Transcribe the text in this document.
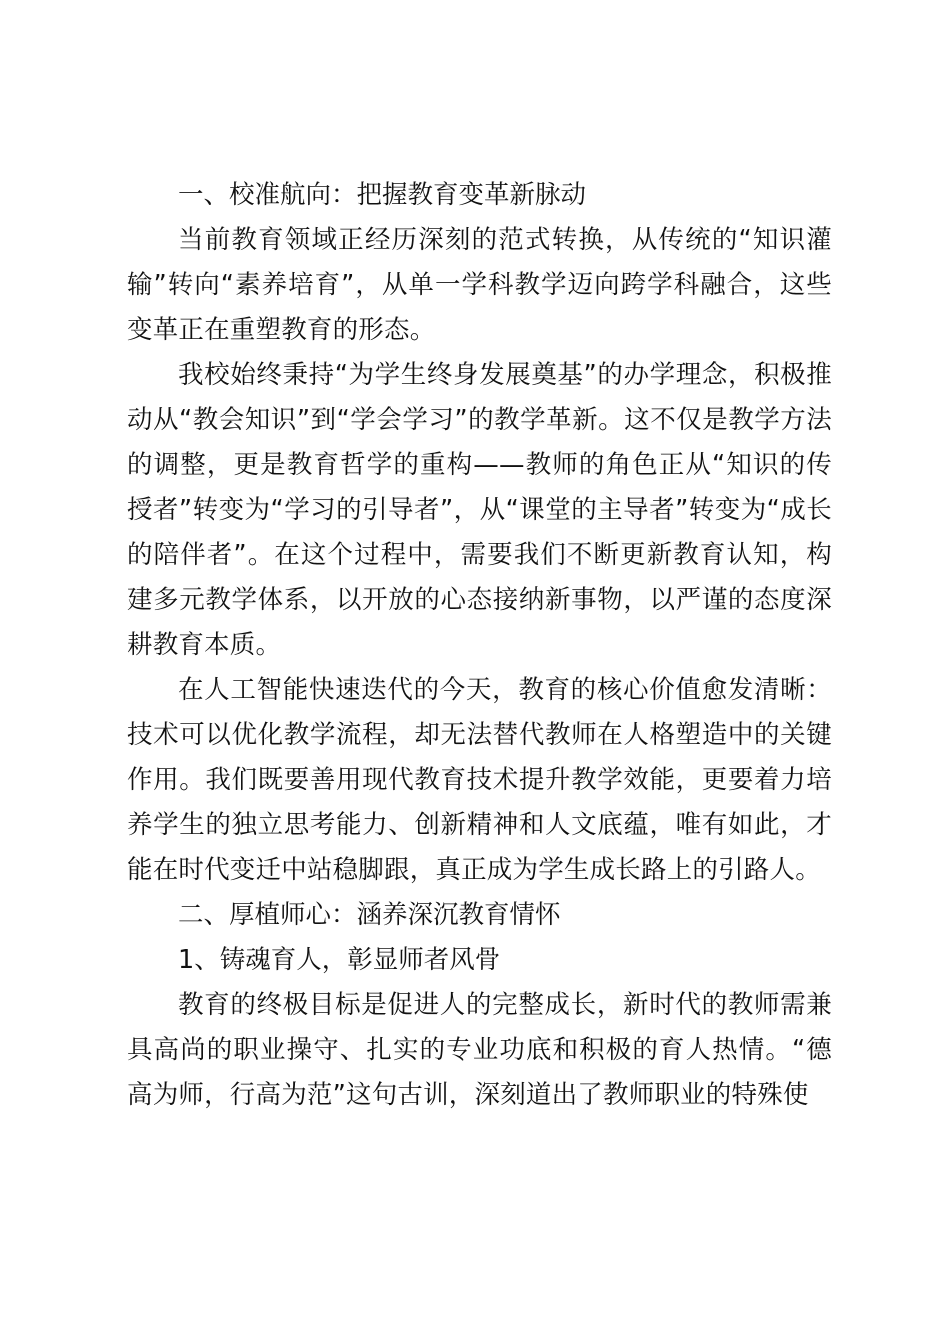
一、校准航向：把握教育变革新脉动

当前教育领域正经历深刻的范式转换，从传统的“知识灌输”转向“素养培育”，从单一学科教学迈向跨学科融合，这些变革正在重塑教育的形态。

我校始终秉持“为学生终身发展奠基”的办学理念，积极推动从“教会知识”到“学会学习”的教学革新。这不仅是教学方法的调整，更是教育哲学的重构——教师的角色正从“知识的传授者”转变为“学习的引导者”，从“课堂的主导者”转变为“成长的陪伴者”。在这个过程中，需要我们不断更新教育认知，构建多元教学体系，以开放的心态接纳新事物，以严谨的态度深耕教育本质。

在人工智能快速迭代的今天，教育的核心价值愈发清晰：技术可以优化教学流程，却无法替代教师在人格塑造中的关键作用。我们既要善用现代教育技术提升教学效能，更要着力培养学生的独立思考能力、创新精神和人文底蕴，唯有如此，才能在时代变迁中站稳脚跟，真正成为学生成长路上的引路人。

二、厚植师心：涵养深沉教育情怀

1、铸魂育人，彰显师者风骨

教育的终极目标是促进人的完整成长，新时代的教师需兼具高尚的职业操守、扎实的专业功底和积极的育人热情。“德高为师，行高为范”这句古训，深刻道出了教师职业的特殊使
